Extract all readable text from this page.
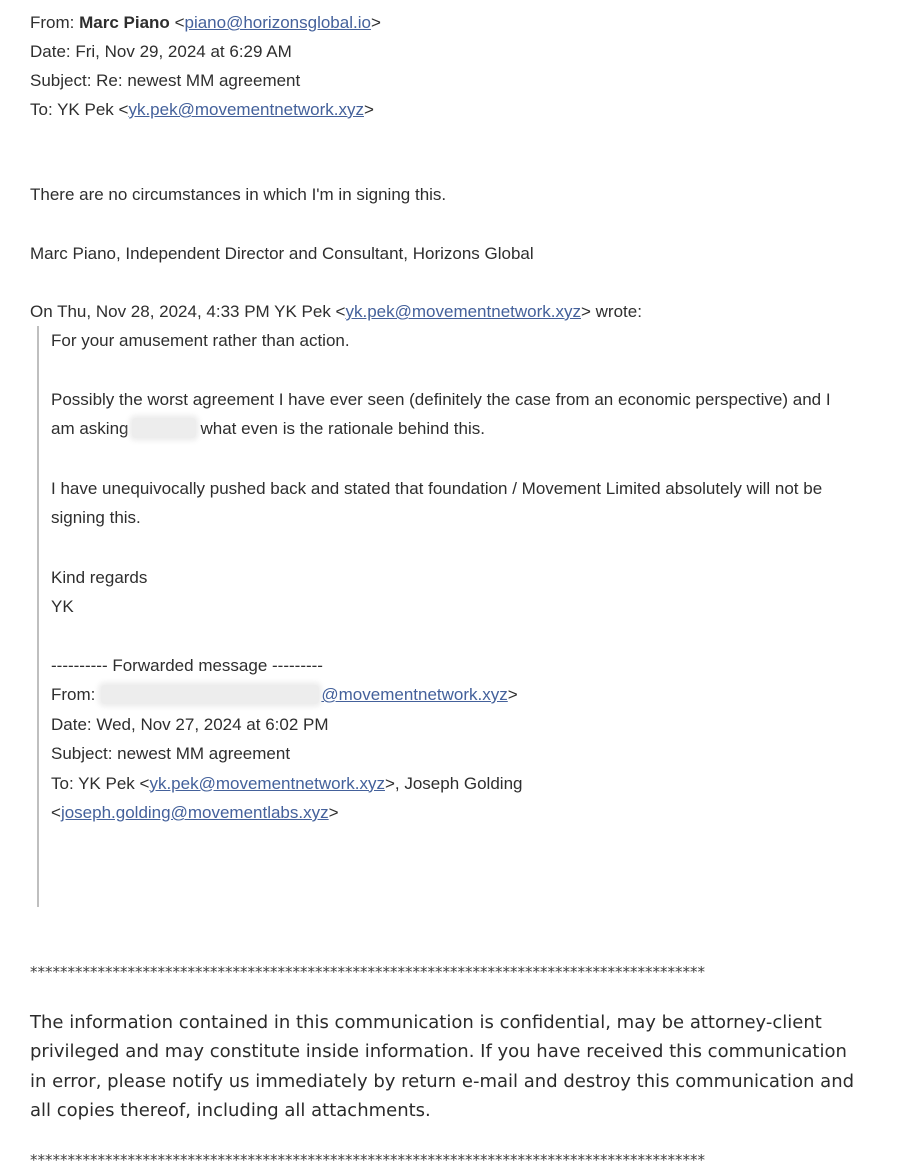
From: Marc Piano <piano@horizonsglobal.io>
Date: Fri, Nov 29, 2024 at 6:29 AM
Subject: Re: newest MM agreement
To: YK Pek <yk.pek@movementnetwork.xyz>

There are no circumstances in which I'm in signing this.

Marc Piano, Independent Director and Consultant, Horizons Global

On Thu, Nov 28, 2024, 4:33 PM YK Pek <yk.pek@movementnetwork.xyz> wrote:

For your amusement rather than action.

Possibly the worst agreement I have ever seen (definitely the case from an economic perspective) and I am asking	what even is the rationale behind this.

I have unequivocally pushed back and stated that foundation / Movement Limited absolutely will not be signing this.

Kind regards

YK

---------- Forwarded message ---------

From:	@movementnetwork.xyz>

Date: Wed, Nov 27, 2024 at 6:02 PM

Subject: newest MM agreement

To: YK Pek <yk.pek@movementnetwork.xyz>, Joseph Golding <joseph.golding@movementlabs.xyz>

******************************************************************************************
The information contained in this communication is confidential, may be attorney-client privileged and may constitute inside information. If you have received this communication in error, please notify us immediately by return e-mail and destroy this communication and all copies thereof, including all attachments.
******************************************************************************************
